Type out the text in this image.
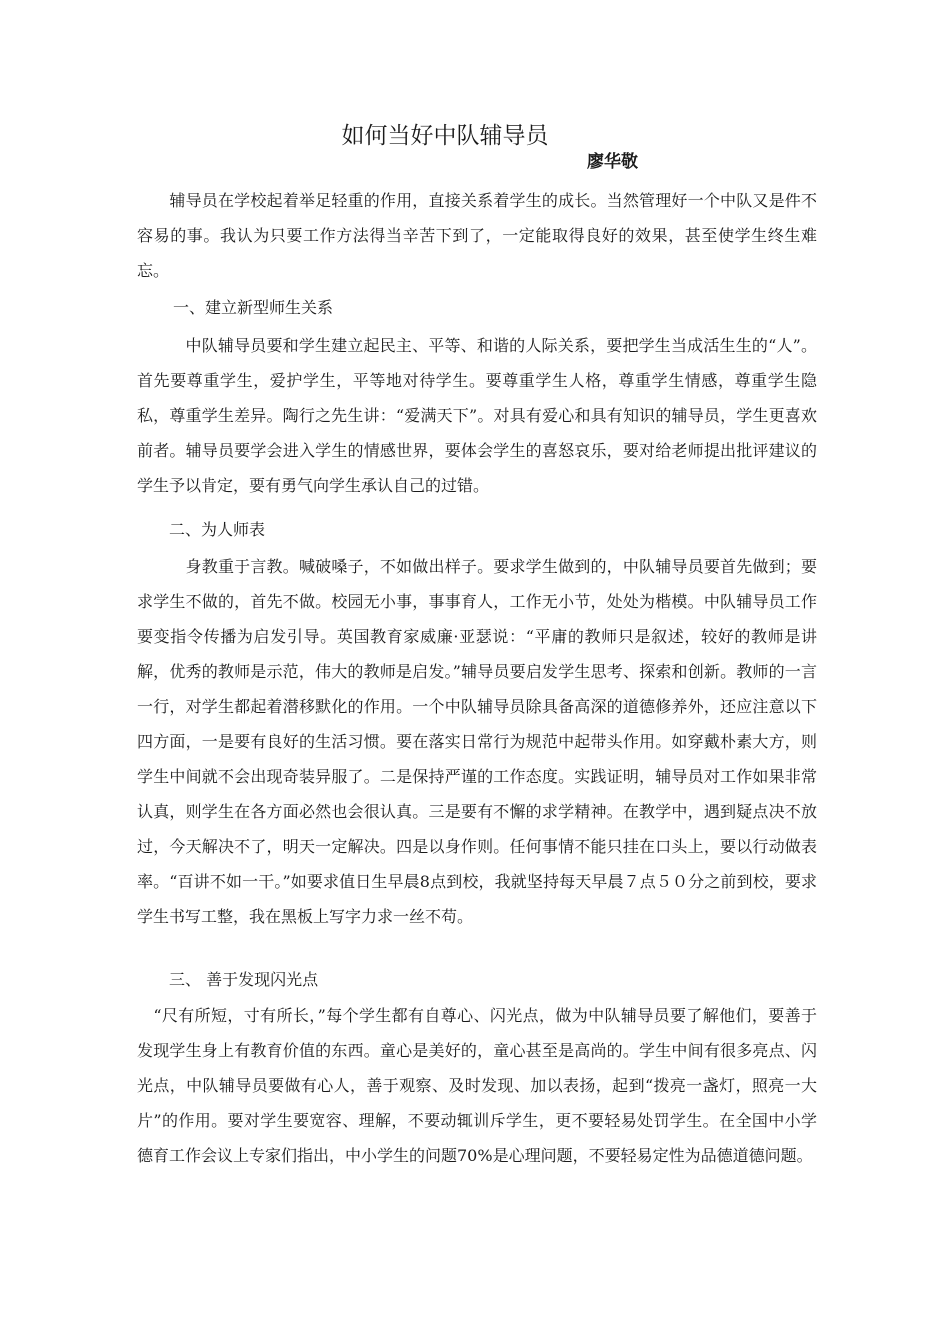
如何当好中队辅导员
廖华敬

　　辅导员在学校起着举足轻重的作用，直接关系着学生的成长。当然管理好一个中队又是件不容易的事。我认为只要工作方法得当辛苦下到了，一定能取得良好的效果，甚至使学生终生难忘。

一、建立新型师生关系

　　　中队辅导员要和学生建立起民主、平等、和谐的人际关系，要把学生当成活生生的“人”。首先要尊重学生，爱护学生，平等地对待学生。要尊重学生人格，尊重学生情感，尊重学生隐私，尊重学生差异。陶行之先生讲：“爱满天下”。对具有爱心和具有知识的辅导员，学生更喜欢前者。辅导员要学会进入学生的情感世界，要体会学生的喜怒哀乐，要对给老师提出批评建议的学生予以肯定，要有勇气向学生承认自己的过错。

二、为人师表

　　　身教重于言教。喊破嗓子，不如做出样子。要求学生做到的，中队辅导员要首先做到；要求学生不做的，首先不做。校园无小事，事事育人，工作无小节，处处为楷模。中队辅导员工作要变指令传播为启发引导。英国教育家威廉·亚瑟说：“平庸的教师只是叙述，较好的教师是讲解，优秀的教师是示范，伟大的教师是启发。”辅导员要启发学生思考、探索和创新。教师的一言一行，对学生都起着潜移默化的作用。一个中队辅导员除具备高深的道德修养外，还应注意以下四方面，一是要有良好的生活习惯。要在落实日常行为规范中起带头作用。如穿戴朴素大方，则学生中间就不会出现奇装异服了。二是保持严谨的工作态度。实践证明，辅导员对工作如果非常认真，则学生在各方面必然也会很认真。三是要有不懈的求学精神。在教学中，遇到疑点决不放过，今天解决不了，明天一定解决。四是以身作则。任何事情不能只挂在口头上，要以行动做表率。“百讲不如一干。”如要求值日生早晨8点到校，我就坚持每天早晨７点５０分之前到校，要求学生书写工整，我在黑板上写字力求一丝不苟。

三、 善于发现闪光点

　“尺有所短，寸有所长，”每个学生都有自尊心、闪光点，做为中队辅导员要了解他们，要善于发现学生身上有教育价值的东西。童心是美好的，童心甚至是高尚的。学生中间有很多亮点、闪光点，中队辅导员要做有心人，善于观察、及时发现、加以表扬，起到“拨亮一盏灯，照亮一大片”的作用。要对学生要宽容、理解，不要动辄训斥学生，更不要轻易处罚学生。在全国中小学德育工作会议上专家们指出，中小学生的问题70%是心理问题，不要轻易定性为品德道德问题。
